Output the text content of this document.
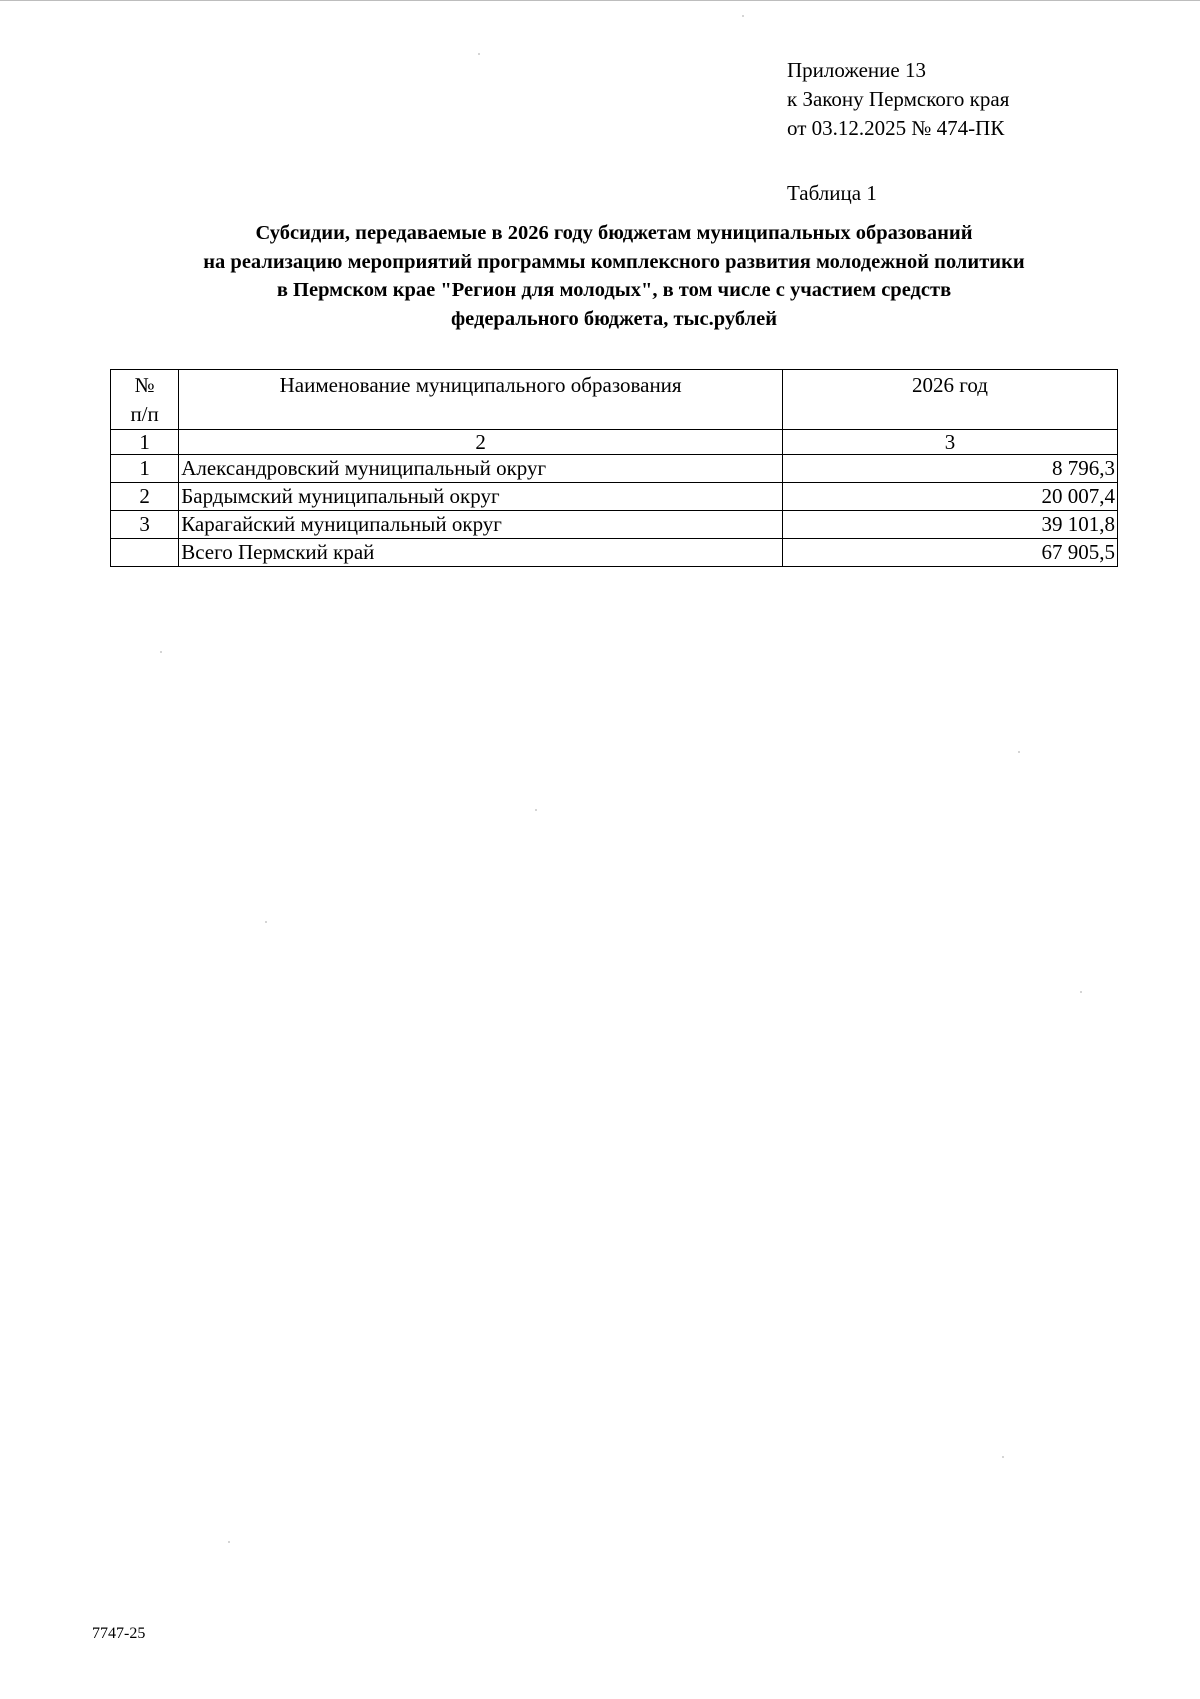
Приложение 13
к Закону Пермского края
от 03.12.2025 № 474-ПК
Таблица 1
Субсидии, передаваемые в 2026 году бюджетам муниципальных образований
на реализацию мероприятий программы комплексного развития молодежной политики
в Пермском крае "Регион для молодых", в том числе с участием средств
федерального бюджета, тыс.рублей
№
п/п	Наименование муниципального образования	2026 год
1	2	3
1	Александровский муниципальный округ	8 796,3
2	Бардымский муниципальный округ	20 007,4
3	Карагайский муниципальный округ	39 101,8
	Всего Пермский край	67 905,5
7747-25
